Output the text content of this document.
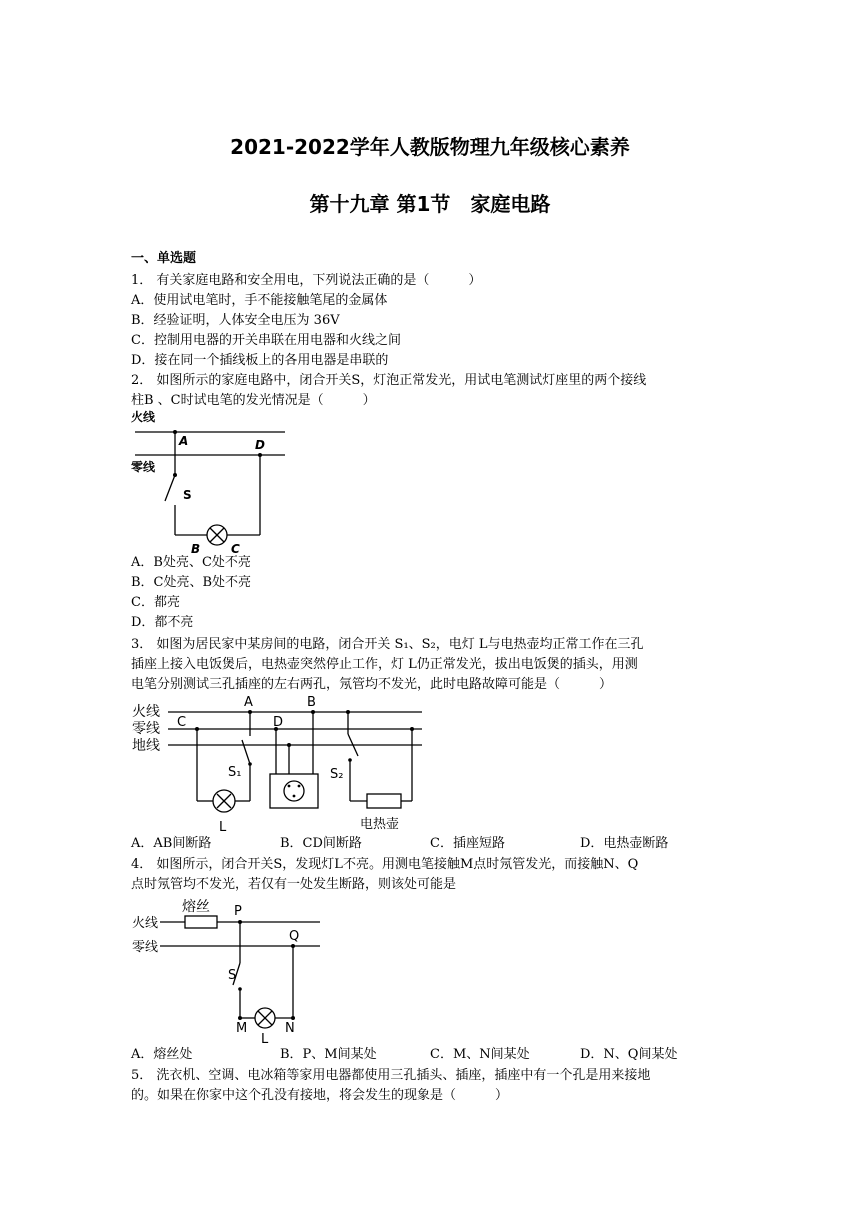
2021-2022学年人教版物理九年级核心素养
第十九章 第1节　家庭电路
一、单选题
1． 有关家庭电路和安全用电，下列说法正确的是（　　　）
A．使用试电笔时，手不能接触笔尾的金属体
B．经验证明，人体安全电压为 36V
C．控制用电器的开关串联在用电器和火线之间
D．接在同一个插线板上的各用电器是串联的
2． 如图所示的家庭电路中，闭合开关S，灯泡正常发光，用试电笔测试灯座里的两个接线
柱B 、C时试电笔的发光情况是（　　　）
火线
零线
A	D
S
B	C
A．B处亮、C处不亮
B．C处亮、B处不亮
C．都亮
D．都不亮
3． 如图为居民家中某房间的电路，闭合开关 S₁、S₂，电灯 L与电热壶均正常工作在三孔
插座上接入电饭煲后，电热壶突然停止工作，灯 L仍正常发光，拔出电饭煲的插头，用测
电笔分别测试三孔插座的左右两孔，氖管均不发光，此时电路故障可能是（　　　）
火线
零线
地线
A	B
C	D
S₁	S₂
L	电热壶
A．AB间断路	B．CD间断路	C．插座短路	D．电热壶断路
4． 如图所示，闭合开关S，发现灯L不亮。用测电笔接触M点时氖管发光，而接触N、Q
点时氖管均不发光，若仅有一处发生断路，则该处可能是
熔丝
火线
零线
P
Q
S
M	N
L
A．熔丝处	B．P、M间某处	C．M、N间某处	D．N、Q间某处
5． 洗衣机、空调、电冰箱等家用电器都使用三孔插头、插座，插座中有一个孔是用来接地
的。如果在你家中这个孔没有接地，将会发生的现象是（　　　）
